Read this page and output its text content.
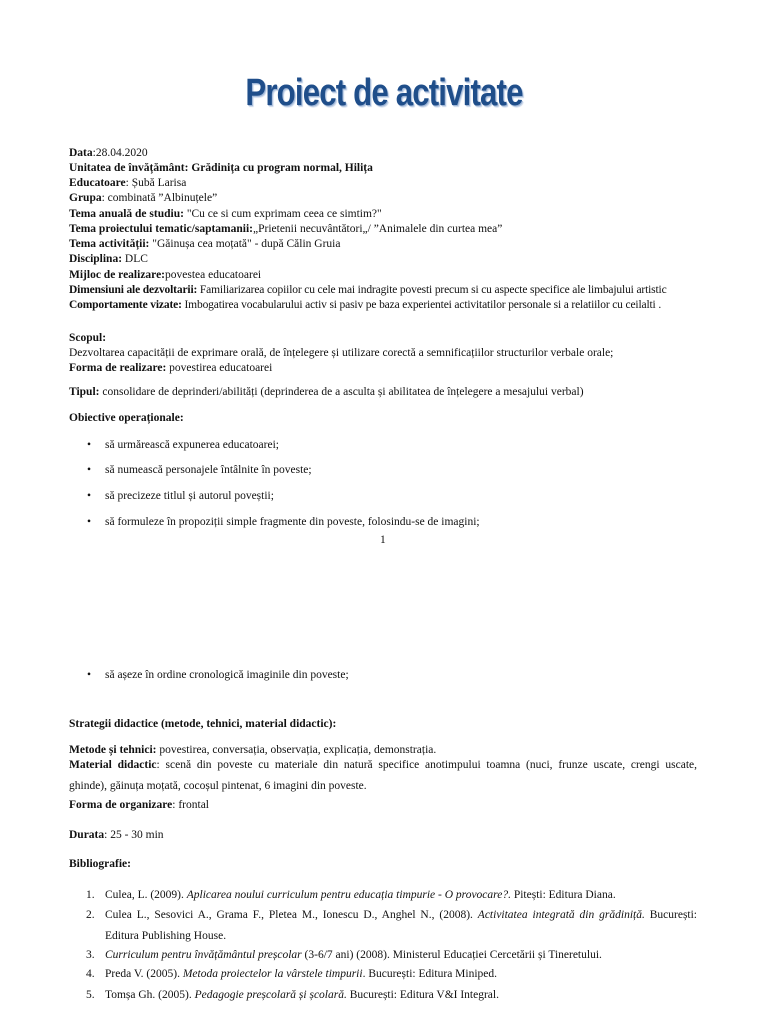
Proiect de activitate
Data:28.04.2020
Unitatea de învățământ: Grădinița cu program normal, Hilița
Educatoare: Șubă Larisa
Grupa: combinată ”Albinuțele”
Tema anuală de studiu: "Cu ce si cum exprimam ceea ce simtim?"
Tema proiectului tematic/saptamanii:„Prietenii necuvântători„/ ”Animalele din curtea mea”
Tema activității: "Găinușa cea moțată" - după Călin Gruia
Disciplina: DLC
Mijloc de realizare:povestea educatoarei
Dimensiuni ale dezvoltarii: Familiarizarea copiilor cu cele mai indragite povesti precum si cu aspecte specifice ale limbajului artistic
Comportamente vizate: Imbogatirea vocabularului activ si pasiv pe baza experientei activitatilor personale si a relatiilor cu ceilalti .
Scopul:
Dezvoltarea capacității de exprimare orală, de înțelegere și utilizare corectă a semnificațiilor structurilor verbale orale;
Forma de realizare: povestirea educatoarei
Tipul: consolidare de deprinderi/abilități (deprinderea de a asculta și abilitatea de înțelegere a mesajului verbal)
Obiective operaționale:
• să urmărească expunerea educatoarei;
• să numească personajele întâlnite în poveste;
• să precizeze titlul și autorul poveștii;
• să formuleze în propoziții simple fragmente din poveste, folosindu-se de imagini;
1
• să așeze în ordine cronologică imaginile din poveste;
Strategii didactice (metode, tehnici, material didactic):
Metode și tehnici: povestirea, conversația, observația, explicația, demonstrația.
Material didactic: scenă din poveste cu materiale din natură specifice anotimpului toamna (nuci, frunze uscate, crengi uscate,
ghinde), găinuța moțată, cocoșul pintenat, 6 imagini din poveste.
Forma de organizare: frontal
Durata: 25 - 30 min
Bibliografie:
1. Culea, L. (2009). Aplicarea noului curriculum pentru educația timpurie - O provocare?. Pitești: Editura Diana.
2. Culea L., Sesovici A., Grama F., Pletea M., Ionescu D., Anghel N., (2008). Activitatea integrată din grădiniță. București:
Editura Publishing House.
3. Curriculum pentru învățământul preșcolar (3-6/7 ani) (2008). Ministerul Educației Cercetării și Tineretului.
4. Preda V. (2005). Metoda proiectelor la vârstele timpurii. București: Editura Miniped.
5. Tomșa Gh. (2005). Pedagogie preșcolară și școlară. București: Editura V&I Integral.
